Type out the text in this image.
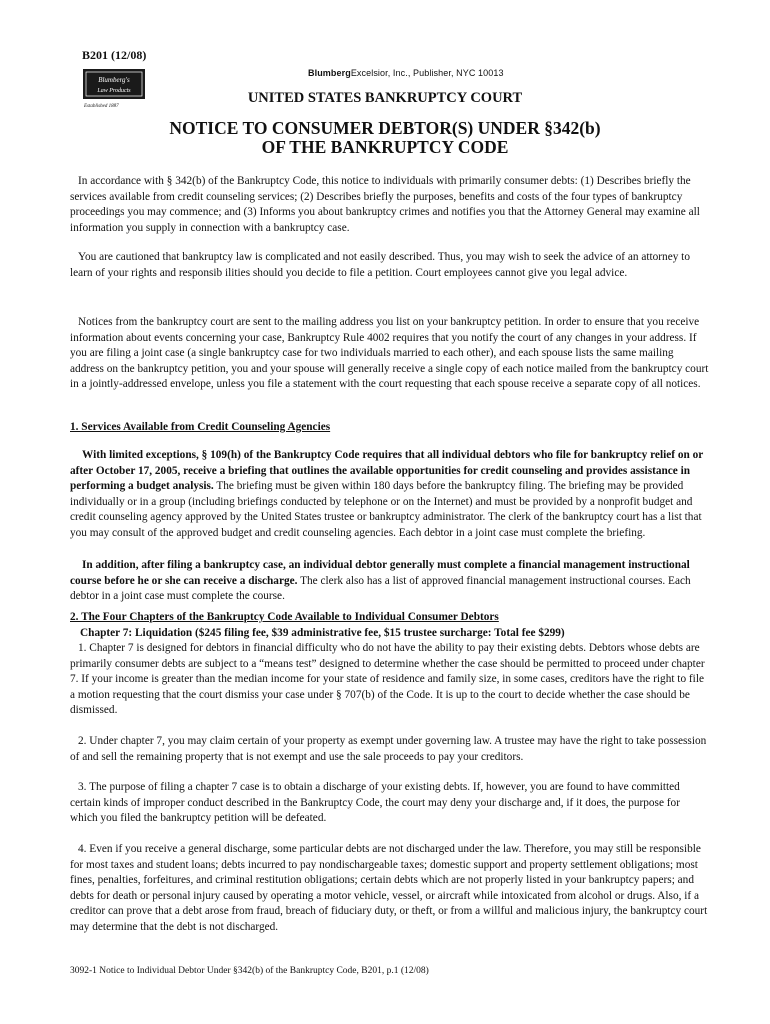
B201 (12/08)
Blumberg's
Law Products
Established 1887
BlumbergExcelsior, Inc., Publisher, NYC 10013
UNITED STATES BANKRUPTCY COURT
NOTICE TO CONSUMER DEBTOR(S) UNDER §342(b)
OF THE BANKRUPTCY CODE

In accordance with § 342(b) of the Bankruptcy Code, this notice to individuals with primarily consumer debts: (1) Describes briefly the services available from credit counseling services; (2) Describes briefly the purposes, benefits and costs of the four types of bankruptcy proceedings you may commence; and (3) Informs you about bankruptcy crimes and notifies you that the Attorney General may examine all information you supply in connection with a bankruptcy case.

You are cautioned that bankruptcy law is complicated and not easily described. Thus, you may wish to seek the advice of an attorney to learn of your rights and responsib ilities should you decide to file a petition. Court employees cannot give you legal advice.

Notices from the bankruptcy court are sent to the mailing address you list on your bankruptcy petition. In order to ensure that you receive information about events concerning your case, Bankruptcy Rule 4002 requires that you notify the court of any changes in your address. If you are filing a joint case (a single bankruptcy case for two individuals married to each other), and each spouse lists the same mailing address on the bankruptcy petition, you and your spouse will generally receive a single copy of each notice mailed from the bankruptcy court in a jointly-addressed envelope, unless you file a statement with the court requesting that each spouse receive a separate copy of all notices.

1. Services Available from Credit Counseling Agencies

With limited exceptions, § 109(h) of the Bankruptcy Code requires that all individual debtors who file for bankruptcy relief on or after October 17, 2005, receive a briefing that outlines the available opportunities for credit counseling and provides assistance in performing a budget analysis. The briefing must be given within 180 days before the bankruptcy filing. The briefing may be provided individually or in a group (including briefings conducted by telephone or on the Internet) and must be provided by a nonprofit budget and credit counseling agency approved by the United States trustee or bankruptcy administrator. The clerk of the bankruptcy court has a list that you may consult of the approved budget and credit counseling agencies. Each debtor in a joint case must complete the briefing.

In addition, after filing a bankruptcy case, an individual debtor generally must complete a financial management instructional course before he or she can receive a discharge. The clerk also has a list of approved financial management instructional courses. Each debtor in a joint case must complete the course.

2. The Four Chapters of the Bankruptcy Code Available to Individual Consumer Debtors
Chapter 7: Liquidation ($245 filing fee, $39 administrative fee, $15 trustee surcharge: Total fee $299)

1. Chapter 7 is designed for debtors in financial difficulty who do not have the ability to pay their existing debts. Debtors whose debts are primarily consumer debts are subject to a “means test” designed to determine whether the case should be permitted to proceed under chapter 7. If your income is greater than the median income for your state of residence and family size, in some cases, creditors have the right to file a motion requesting that the court dismiss your case under § 707(b) of the Code. It is up to the court to decide whether the case should be dismissed.

2. Under chapter 7, you may claim certain of your property as exempt under governing law. A trustee may have the right to take possession of and sell the remaining property that is not exempt and use the sale proceeds to pay your creditors.

3. The purpose of filing a chapter 7 case is to obtain a discharge of your existing debts. If, however, you are found to have committed certain kinds of improper conduct described in the Bankruptcy Code, the court may deny your discharge and, if it does, the purpose for which you filed the bankruptcy petition will be defeated.

4. Even if you receive a general discharge, some particular debts are not discharged under the law. Therefore, you may still be responsible for most taxes and student loans; debts incurred to pay nondischargeable taxes; domestic support and property settlement obligations; most fines, penalties, forfeitures, and criminal restitution obligations; certain debts which are not properly listed in your bankruptcy papers; and debts for death or personal injury caused by operating a motor vehicle, vessel, or aircraft while intoxicated from alcohol or drugs. Also, if a creditor can prove that a debt arose from fraud, breach of fiduciary duty, or theft, or from a willful and malicious injury, the bankruptcy court may determine that the debt is not discharged.

3092-1 Notice to Individual Debtor Under §342(b) of the Bankruptcy Code, B201, p.1 (12/08)
